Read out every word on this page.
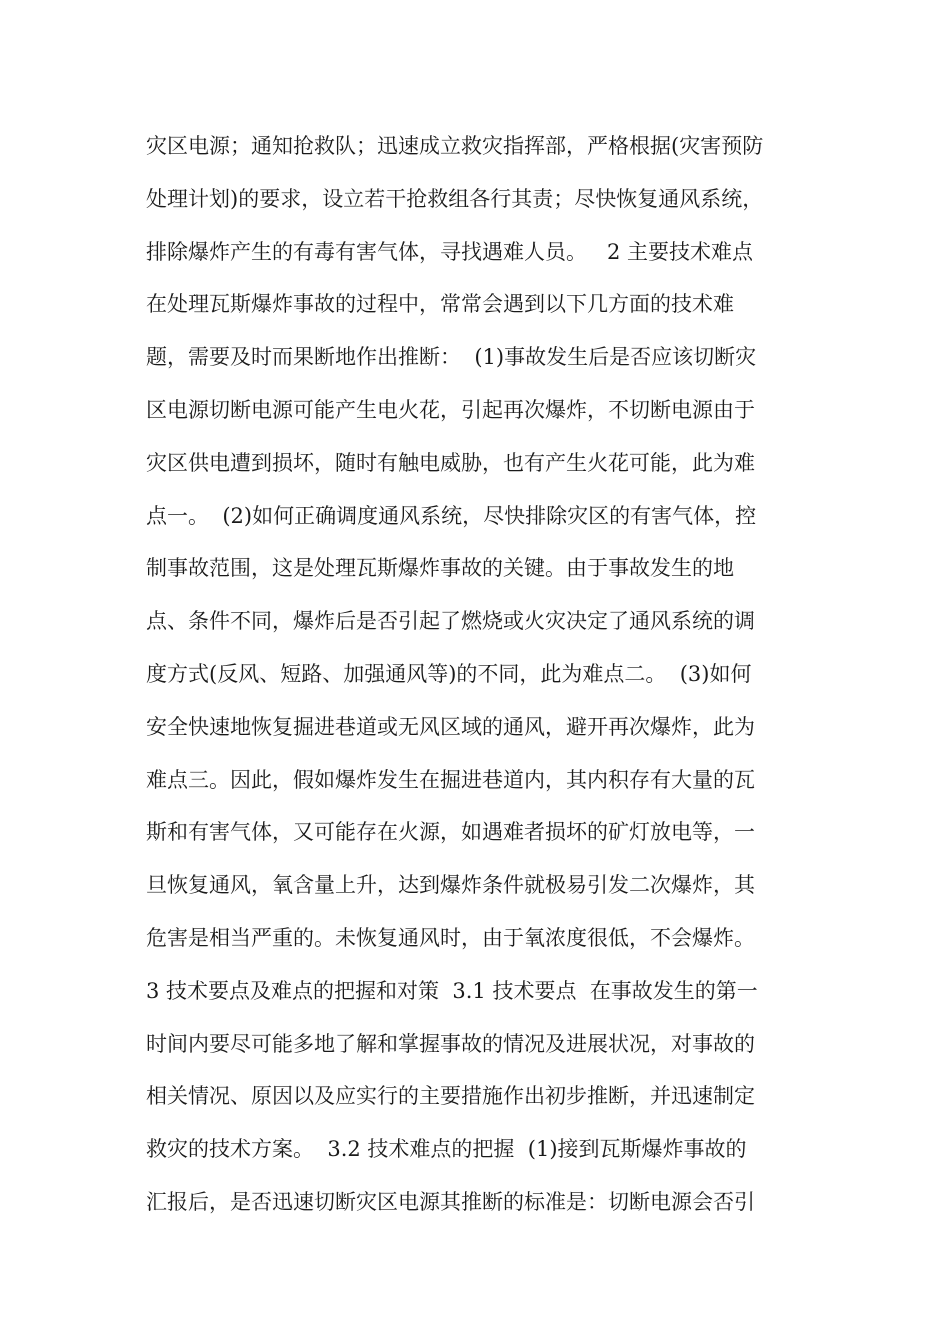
灾区电源；通知抢救队；迅速成立救灾指挥部，严格根据(灾害预防
处理计划)的要求，设立若干抢救组各行其责；尽快恢复通风系统，
排除爆炸产生的有毒有害气体，寻找遇难人员。   2 主要技术难点
在处理瓦斯爆炸事故的过程中，常常会遇到以下几方面的技术难
题，需要及时而果断地作出推断：  (1)事故发生后是否应该切断灾
区电源切断电源可能产生电火花，引起再次爆炸，不切断电源由于
灾区供电遭到损坏，随时有触电威胁，也有产生火花可能，此为难
点一。  (2)如何正确调度通风系统，尽快排除灾区的有害气体，控
制事故范围，这是处理瓦斯爆炸事故的关键。由于事故发生的地
点、条件不同，爆炸后是否引起了燃烧或火灾决定了通风系统的调
度方式(反风、短路、加强通风等)的不同，此为难点二。  (3)如何
安全快速地恢复掘进巷道或无风区域的通风，避开再次爆炸，此为
难点三。因此，假如爆炸发生在掘进巷道内，其内积存有大量的瓦
斯和有害气体，又可能存在火源，如遇难者损坏的矿灯放电等，一
旦恢复通风，氧含量上升，达到爆炸条件就极易引发二次爆炸，其
危害是相当严重的。未恢复通风时，由于氧浓度很低，不会爆炸。
3 技术要点及难点的把握和对策  3.1 技术要点  在事故发生的第一
时间内要尽可能多地了解和掌握事故的情况及进展状况，对事故的
相关情况、原因以及应实行的主要措施作出初步推断，并迅速制定
救灾的技术方案。  3.2 技术难点的把握  (1)接到瓦斯爆炸事故的
汇报后，是否迅速切断灾区电源其推断的标准是：切断电源会否引
